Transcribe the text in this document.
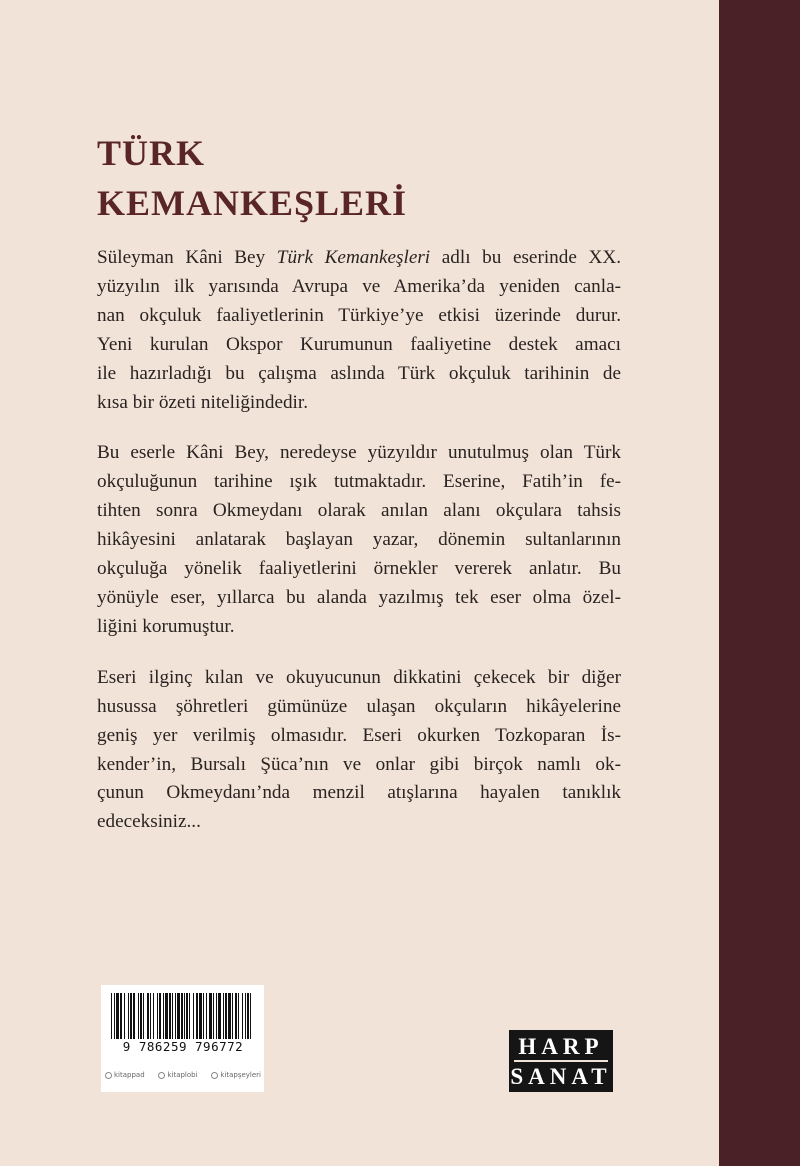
TÜRK
KEMANKEŞLERİ

Süleyman Kâni Bey Türk Kemankeşleri adlı bu eserinde XX.
yüzyılın ilk yarısında Avrupa ve Amerika’da yeniden canla-
nan okçuluk faaliyetlerinin Türkiye’ye etkisi üzerinde durur.
Yeni kurulan Okspor Kurumunun faaliyetine destek amacı
ile hazırladığı bu çalışma aslında Türk okçuluk tarihinin de
kısa bir özeti niteliğindedir.

Bu eserle Kâni Bey, neredeyse yüzyıldır unutulmuş olan Türk
okçuluğunun tarihine ışık tutmaktadır. Eserine, Fatih’in fe-
tihten sonra Okmeydanı olarak anılan alanı okçulara tahsis
hikâyesini anlatarak başlayan yazar, dönemin sultanlarının
okçuluğa yönelik faaliyetlerini örnekler vererek anlatır. Bu
yönüyle eser, yıllarca bu alanda yazılmış tek eser olma özel-
liğini korumuştur.

Eseri ilginç kılan ve okuyucunun dikkatini çekecek bir diğer
husussa şöhretleri gümünüze ulaşan okçuların hikâyelerine
geniş yer verilmiş olmasıdır. Eseri okurken Tozkoparan İs-
kender’in, Bursalı Şüca’nın ve onlar gibi birçok namlı ok-
çunun Okmeydanı’nda menzil atışlarına hayalen tanıklık
edeceksiniz...

9 786259 796772
kitappad	kitaplobi	kitapşeyleri
HARP
SANAT
